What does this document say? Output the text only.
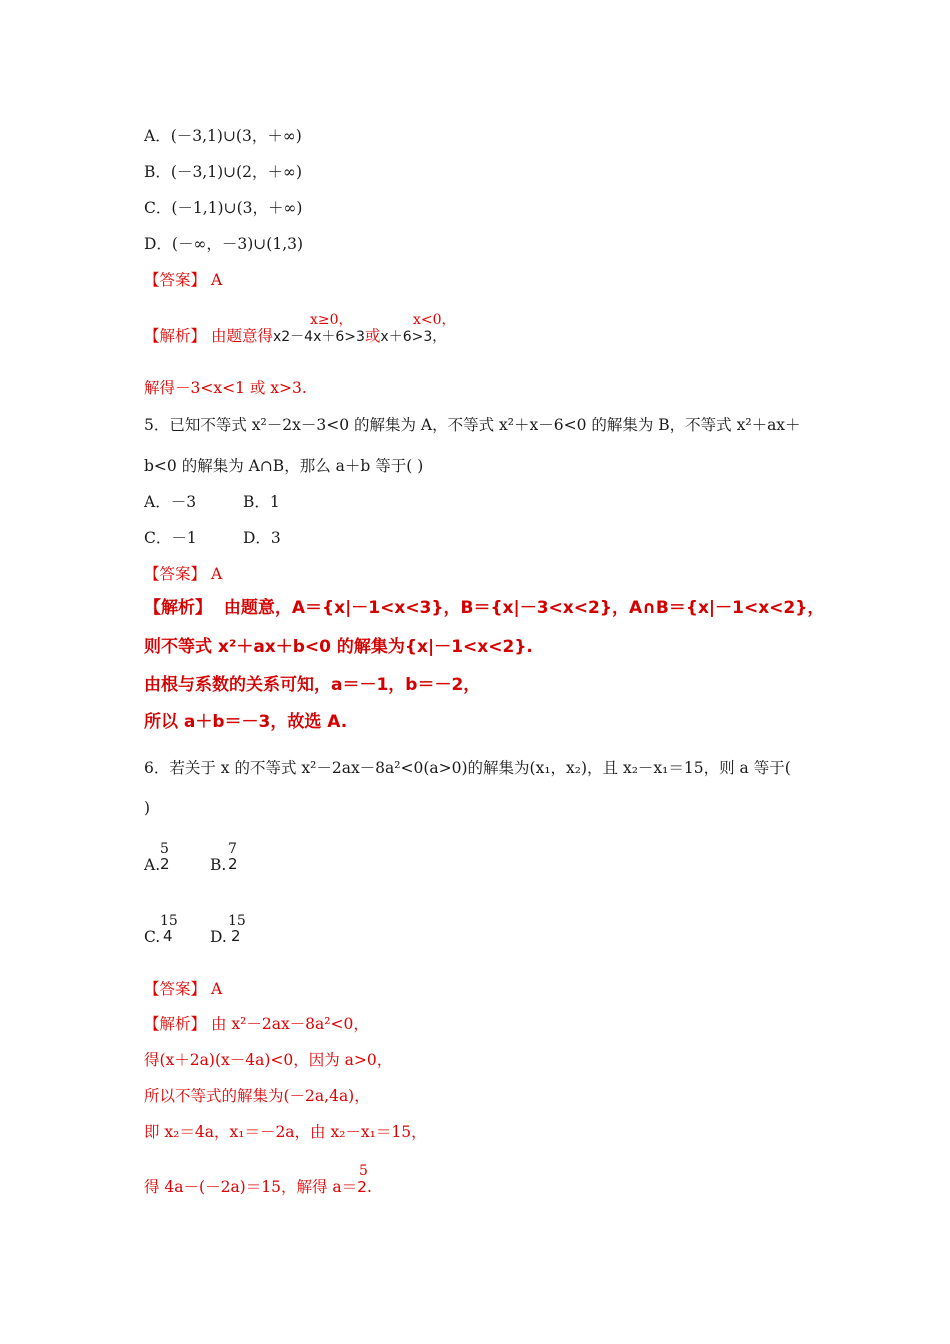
A．(－3,1)∪(3，＋∞)
B．(－3,1)∪(2，＋∞)
C．(－1,1)∪(3，＋∞)
D．(－∞，－3)∪(1,3)
【答案】 A
x≥0，	x<0，
【解析】 由题意得x2－4x＋6>3或x＋6>3，
解得－3<x<1 或 x>3.
5．已知不等式 x²－2x－3<0 的解集为 A，不等式 x²＋x－6<0 的解集为 B，不等式 x²＋ax＋
b<0 的解集为 A∩B，那么 a＋b 等于( )
A．－3	B．1
C．－1	D．3
【答案】 A
【解析】 由题意，A＝{x|－1<x<3}，B＝{x|－3<x<2}，A∩B＝{x|－1<x<2}，
则不等式 x²＋ax＋b<0 的解集为{x|－1<x<2}.
由根与系数的关系可知，a＝－1，b＝－2，
所以 a＋b＝－3，故选 A.
6．若关于 x 的不等式 x²－2ax－8a²<0(a>0)的解集为(x₁，x₂)，且 x₂－x₁＝15，则 a 等于(
)
A.
5
2	B.
7
2
C.
15
4 D.
15
2
【答案】 A
【解析】 由 x²－2ax－8a²<0，
得(x＋2a)(x－4a)<0，因为 a>0，
所以不等式的解集为(－2a,4a)，
即 x₂＝4a，x₁＝－2a，由 x₂－x₁＝15，
得 4a－(－2a)＝15，解得 a＝2.
5
